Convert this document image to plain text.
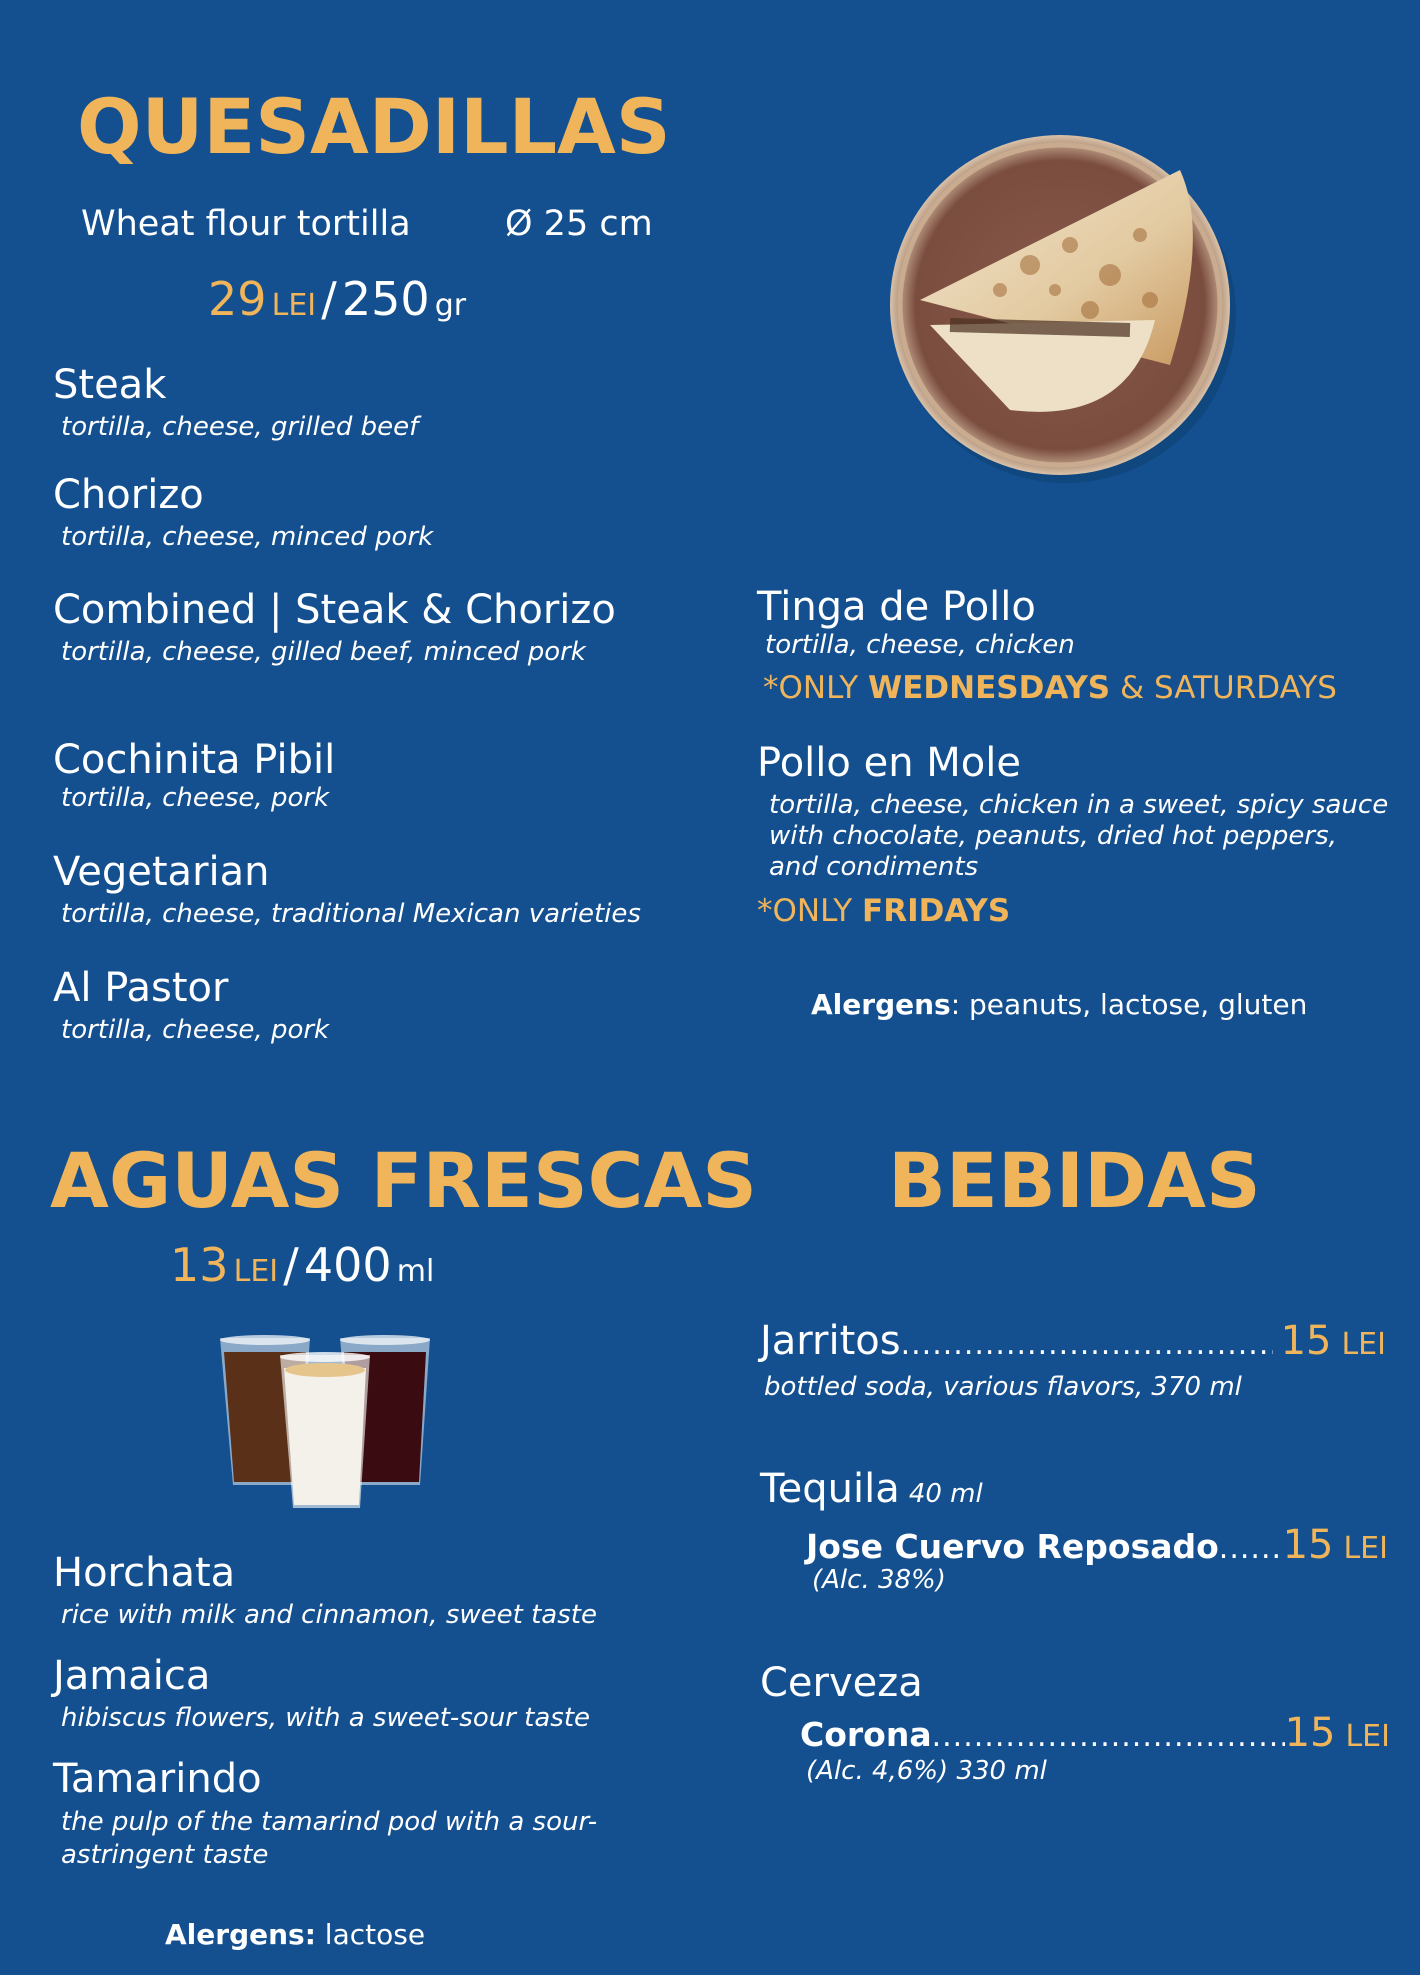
QUESADILLAS
Wheat flour tortilla	Ø 25 cm
29 LEI / 250 gr
Steak
tortilla, cheese, grilled beef
Chorizo
tortilla, cheese, minced pork
Combined | Steak & Chorizo
tortilla, cheese, gilled beef, minced pork
Cochinita Pibil
tortilla, cheese, pork
Vegetarian
tortilla, cheese, traditional Mexican varieties
Al Pastor
tortilla, cheese, pork
Tinga de Pollo
tortilla, cheese, chicken
*ONLY WEDNESDAYS & SATURDAYS
Pollo en Mole
tortilla, cheese, chicken in a sweet, spicy sauce
with chocolate, peanuts, dried hot peppers,
and condiments
*ONLY FRIDAYS
Alergens: peanuts, lactose, gluten
AGUAS FRESCAS
13 LEI / 400 ml
Horchata
rice with milk and cinnamon, sweet taste
Jamaica
hibiscus flowers, with a sweet-sour taste
Tamarindo
the pulp of the tamarind pod with a sour-
astringent taste
Alergens: lactose
BEBIDAS
Jarritos .....	15 LEI
bottled soda, various flavors, 370 ml
Tequila 40 ml
Jose Cuervo Reposado ..... 15 LEI
(Alc. 38%)
Cerveza
Corona .....	15 LEI
(Alc. 4,6%) 330 ml
